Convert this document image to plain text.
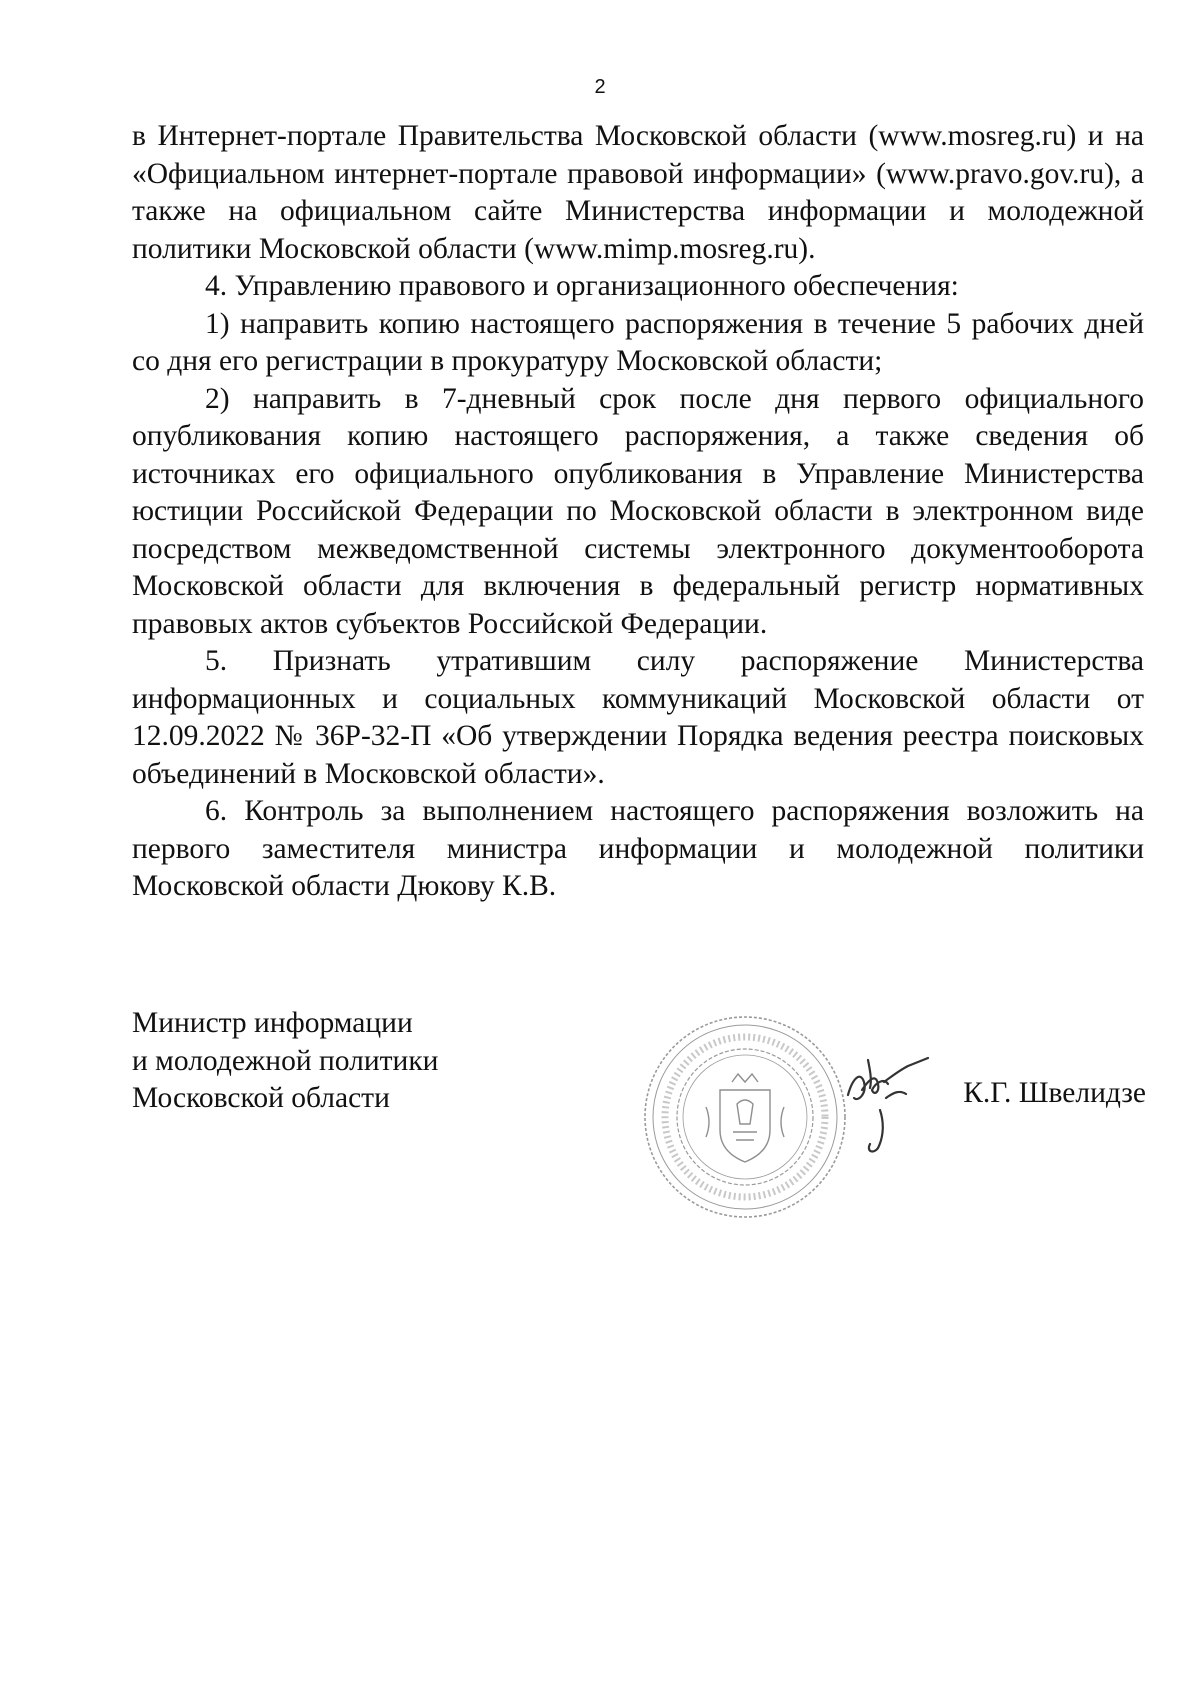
2

в Интернет-портале Правительства Московской области (www.mosreg.ru) и на «Официальном интернет-портале правовой информации» (www.pravo.gov.ru), а также на официальном сайте Министерства информации и молодежной политики Московской области (www.mimp.mosreg.ru).

4. Управлению правового и организационного обеспечения:

1) направить копию настоящего распоряжения в течение 5 рабочих дней со дня его регистрации в прокуратуру Московской области;

2) направить в 7-дневный срок после дня первого официального опубликования копию настоящего распоряжения, а также сведения об источниках его официального опубликования в Управление Министерства юстиции Российской Федерации по Московской области в электронном виде посредством межведомственной системы электронного документооборота Московской области для включения в федеральный регистр нормативных правовых актов субъектов Российской Федерации.

5. Признать утратившим силу распоряжение Министерства информационных и социальных коммуникаций Московской области от 12.09.2022 № 36Р-32-П «Об утверждении Порядка ведения реестра поисковых объединений в Московской области».

6. Контроль за выполнением настоящего распоряжения возложить на первого заместителя министра информации и молодежной политики Московской области Дюкову К.В.

Министр информации
и молодежной политики
Московской области	К.Г. Швелидзе
